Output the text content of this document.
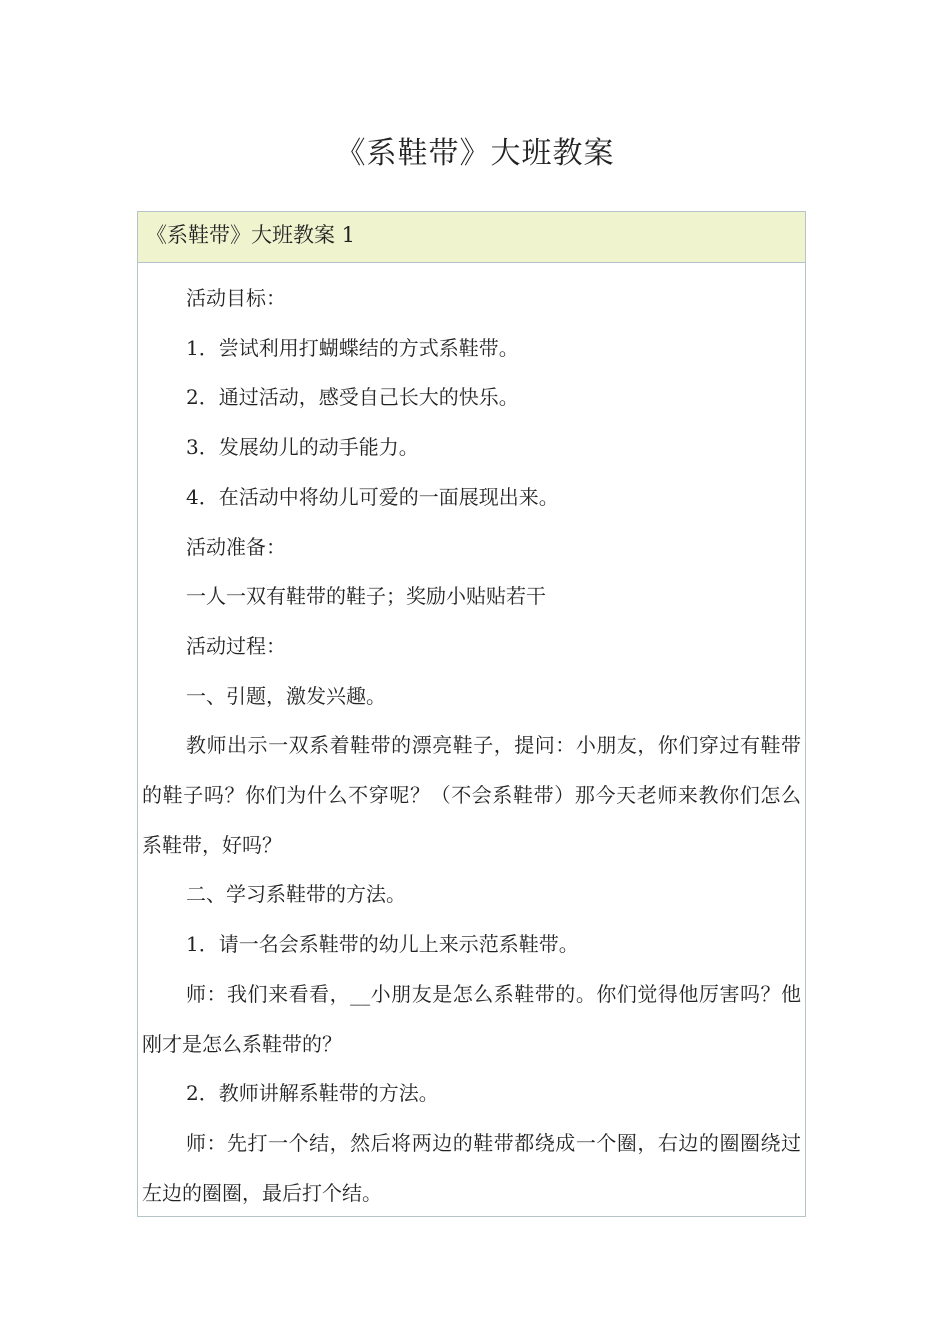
《系鞋带》大班教案
《系鞋带》大班教案 1

活动目标：

1．尝试利用打蝴蝶结的方式系鞋带。

2．通过活动，感受自己长大的快乐。

3．发展幼儿的动手能力。

4．在活动中将幼儿可爱的一面展现出来。

活动准备：

一人一双有鞋带的鞋子；奖励小贴贴若干

活动过程：

一、引题，激发兴趣。

教师出示一双系着鞋带的漂亮鞋子，提问：小朋友，你们穿过有鞋带的鞋子吗？你们为什么不穿呢？（不会系鞋带）那今天老师来教你们怎么系鞋带，好吗？

二、学习系鞋带的方法。

1．请一名会系鞋带的幼儿上来示范系鞋带。

师：我们来看看，__小朋友是怎么系鞋带的。你们觉得他厉害吗？他刚才是怎么系鞋带的？

2．教师讲解系鞋带的方法。

师：先打一个结，然后将两边的鞋带都绕成一个圈，右边的圈圈绕过左边的圈圈，最后打个结。
